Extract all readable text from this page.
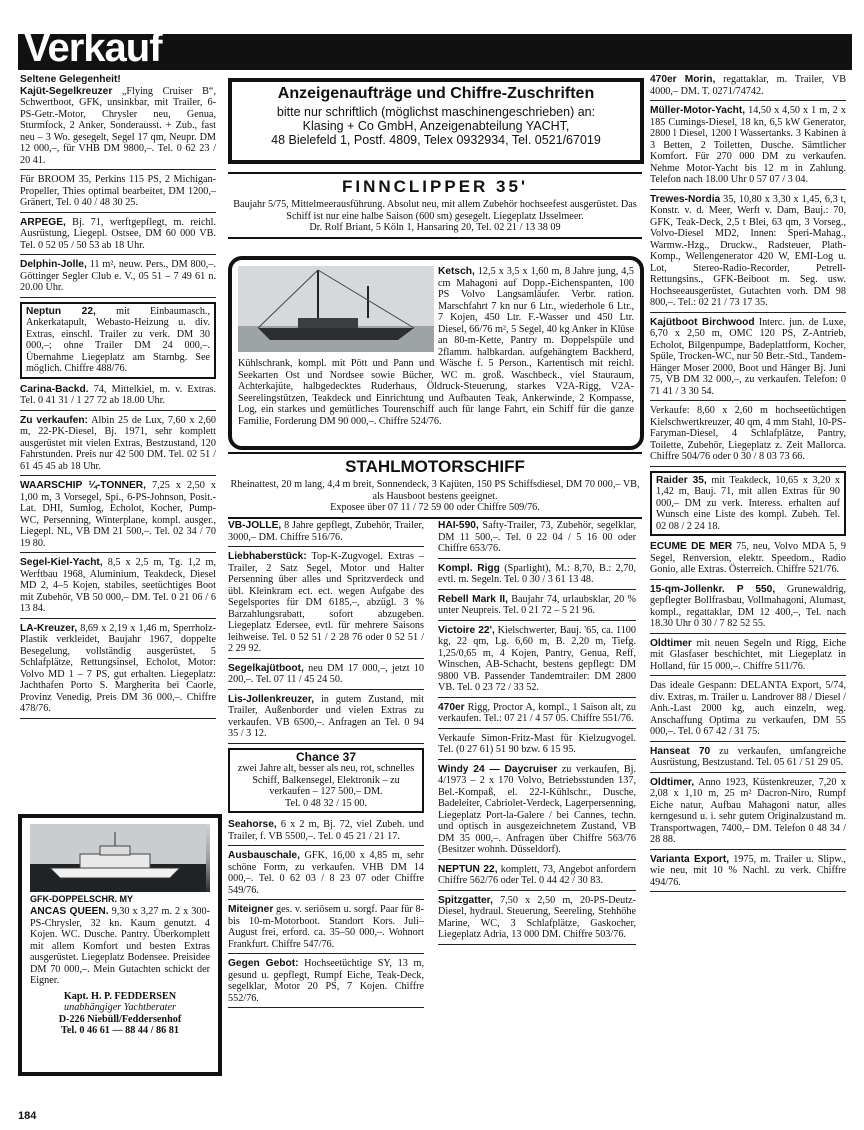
Verkauf
Seltene Gelegenheit!
Kajüt-Segelkreuzer „Flying Cruiser B“, Schwertboot, GFK, unsinkbar, mit Trailer, 6-PS-Getr.-Motor, Chrysler neu, Genua, Sturmfock, 2 Anker, Sonderausst. + Zub., fast neu – 3 Wo. gesegelt, Segel 17 qm, Neupr. DM 12 000,–, für VHB DM 9800,–. Tel. 0 62 23 / 20 41.
Für BROOM 35, Perkins 115 PS, 2 Michigan-Propeller, Thies optimal bearbeitet, DM 1200,– Gränert, Tel. 0 40 / 48 30 25.
ARPEGE, Bj. 71, werftgepflegt, m. reichl. Ausrüstung, Liegepl. Ostsee, DM 60 000 VB. Tel. 0 52 05 / 50 53 ab 18 Uhr.
Delphin-Jolle, 11 m², neuw. Pers., DM 800,–. Göttinger Segler Club e. V., 05 51 – 7 49 61 n. 20.00 Uhr.
Neptun 22, mit Einbaumasch., Ankerkatapult, Webasto-Heizung u. div. Extras, einschl. Trailer zu verk. DM 30 000,–; ohne Trailer DM 24 000,–. Übernahme Liegeplatz am Starnbg. See möglich. Chiffre 488/76.
Carina-Backd. 74, Mittelkiel, m. v. Extras. Tel. 0 41 31 / 1 27 72 ab 18.00 Uhr.
Zu verkaufen: Albin 25 de Lux, 7,60 x 2,60 m, 22-PK-Diesel, Bj. 1971, sehr komplett ausgerüstet mit vielen Extras, Bestzustand, 120 Fahrstunden. Preis nur 42 500 DM. Tel. 02 51 / 61 45 45 ab 18 Uhr.
WAARSCHIP ¼-TONNER, 7,25 x 2,50 x 1,00 m, 3 Vorsegel, Spi., 6-PS-Johnson, Posit.-Lat. DHI, Sumlog, Echolot, Kocher, Pump-WC, Persenning, Winterplane, kompl. ausger., Liegepl. NL, VB DM 21 500,–. Tel. 02 34 / 70 19 80.
Segel-Kiel-Yacht, 8,5 x 2,5 m, Tg. 1,2 m, Werftbau 1968, Aluminium, Teakdeck, Diesel MD 2, 4–5 Kojen, stabiles, seetüchtiges Boot mit Zubehör, VB 50 000,– DM. Tel. 0 21 06 / 6 13 84.
LA-Kreuzer, 8,69 x 2,19 x 1,46 m, Sperrholz-Plastik verkleidet, Baujahr 1967, doppelte Besegelung, vollständig ausgerüstet, 5 Schlafplätze, Rettungsinsel, Echolot, Motor: Volvo MD 1 – 7 PS, gut erhalten. Liegeplatz: Jachthafen Porto S. Margherita bei Caorle, Provinz Venedig, Preis DM 36 000,–. Chiffre 478/76.
GFK-DOPPELSCHR. MY
ANCAS QUEEN. 9,30 x 3,27 m. 2 x 300-PS-Chrysler, 32 kn. Kaum genutzt. 4 Kojen. WC. Dusche. Pantry. Überkomplett mit allem Komfort und besten Extras ausgerüstet. Liegeplatz Bodensee. Preisidee DM 70 000,–. Mein Gutachten schickt der Eigner.
Kapt. H. P. FEDDERSEN
unabhängiger Yachtberater
D-226 Niebüll/Feddersenhof
Tel. 0 46 61 — 88 44 / 86 81
Anzeigenaufträge und Chiffre-Zuschriften
bitte nur schriftlich (möglichst maschinengeschrieben) an:
Klasing + Co GmbH, Anzeigenabteilung YACHT,
48 Bielefeld 1, Postf. 4809, Telex 0932934, Tel. 0521/67019
FINNCLIPPER 35'
Baujahr 5/75, Mittelmeerausführung. Absolut neu, mit allem Zubehör hochseefest ausgerüstet. Das Schiff ist nur eine halbe Saison (600 sm) gesegelt. Liegeplatz IJsselmeer.
Dr. Rolf Briant, 5 Köln 1, Hansaring 20, Tel. 02 21 / 13 38 09
Ketsch, 12,5 x 3,5 x 1,60 m, 8 Jahre jung, 4,5 cm Mahagoni auf Dopp.-Eichenspanten, 100 PS Volvo Langsamläufer. Verbr. ration. Marschfahrt 7 kn nur 6 Ltr., wiederhole 6 Ltr., 7 Kojen, 450 Ltr. F.-Wasser und 450 Ltr. Diesel, 66/76 m², 5 Segel, 40 kg Anker in Klüse an 80-m-Kette, Pantry m. Doppelspüle und 2flamm. halbkardan. aufgehängtem Backherd, Kühlschrank, kompl. mit Pött und Pann und Wäsche f. 5 Person., Kartentisch mit reichl. Seekarten Ost und Nordsee sowie Bücher, WC m. groß. Waschbeck., viel Stauraum, Achterkajüte, halbgedecktes Ruderhaus, Öldruck-Steuerung, starkes V2A-Rigg, V2A-Seerelingstützen, Teakdeck und Einrichtung und Aufbauten Teak, Ankerwinde, 2 Kompasse, Log, ein starkes und gemütliches Tourenschiff auch für lange Fahrt, ein Schiff für die ganze Familie, Forderung DM 90 000,–. Chiffre 524/76.
STAHLMOTORSCHIFF
Rheinattest, 20 m lang, 4,4 m breit, Sonnendeck, 3 Kajüten, 150 PS Schiffsdiesel, DM 70 000,– VB, als Hausboot bestens geeignet.
Exposee über 07 11 / 72 59 00 oder Chiffre 509/76.
VB-JOLLE, 8 Jahre gepflegt, Zubehör, Trailer, 3000,– DM. Chiffre 516/76.
Liebhaberstück: Top-K-Zugvogel. Extras – Trailer, 2 Satz Segel, Motor und Halter Persenning über alles und Spritzverdeck und übl. Kleinkram ect. ect. wegen Aufgabe des Segelsportes für DM 6185,–, abzügl. 3 % Barzahlungsrabatt, sofort abzugeben. Liegeplatz Edersee, evtl. für mehrere Saisons leihweise. Tel. 0 52 51 / 2 28 76 oder 0 52 51 / 2 29 92.
Segelkajütboot, neu DM 17 000,–, jetzt 10 200,–. Tel. 07 11 / 45 24 50.
Lis-Jollenkreuzer, in gutem Zustand, mit Trailer, Außenborder und vielen Extras zu verkaufen. VB 6500,–. Anfragen an Tel. 0 94 35 / 3 12.
Chance 37
zwei Jahre alt, besser als neu, rot, schnelles Schiff, Balkensegel, Elektronik – zu verkaufen – 127 500,– DM.
Tel. 0 48 32 / 15 00.
Seahorse, 6 x 2 m, Bj. 72, viel Zubeh. und Trailer, f. VB 5500,–. Tel. 0 45 21 / 21 17.
Ausbauschale, GFK, 16,00 x 4,85 m, sehr schöne Form, zu verkaufen. VHB DM 14 000,–. Tel. 0 62 03 / 8 23 07 oder Chiffre 549/76.
Miteigner ges. v. seriösem u. sorgf. Paar für 8- bis 10-m-Motorboot. Standort Kors. Juli–August frei, erford. ca. 35–50 000,–. Wohnort Frankfurt. Chiffre 547/76.
Gegen Gebot: Hochseetüchtige SY, 13 m, gesund u. gepflegt, Rumpf Eiche, Teak-Deck, segelklar, Motor 20 PS, 7 Kojen. Chiffre 552/76.
HAI-590, Safty-Trailer, 73, Zubehör, segelklar, DM 11 500,–. Tel. 0 22 04 / 5 16 00 oder Chiffre 653/76.
Kompl. Rigg (Sparlight), M.: 8,70, B.: 2,70, evtl. m. Segeln. Tel. 0 30 / 3 61 13 48.
Rebell Mark II, Baujahr 74, urlaubsklar, 20 % unter Neupreis. Tel. 0 21 72 – 5 21 96.
Victoire 22', Kielschwerter, Bauj. '65, ca. 1100 kg, 22 qm, Lg. 6,60 m, B. 2,20 m, Tiefg. 1,25/0,65 m, 4 Kojen, Pantry, Genua, Reff, Winschen, AB-Schacht, bestens gepflegt: DM 9800 VB. Passender Tandemtrailer: DM 2800 VB. Tel. 0 23 72 / 33 52.
470er Rigg, Proctor A, kompl., 1 Saison alt, zu verkaufen. Tel.: 07 21 / 4 57 05. Chiffre 551/76.
Verkaufe Simon-Fritz-Mast für Kielzugvogel. Tel. (0 27 61) 51 90 bzw. 6 15 95.
Windy 24 — Daycruiser zu verkaufen, Bj. 4/1973 – 2 x 170 Volvo, Betriebsstunden 137, Bel.-Kompaß, el. 22-l-Kühlschr., Dusche, Badeleiter, Cabriolet-Verdeck, Lagerpersenning, Liegeplatz Port-la-Galere / bei Cannes, techn. und optisch in ausgezeichnetem Zustand, VB DM 35 000,–. Anfragen über Chiffre 563/76 (Besitzer wohnh. Düsseldorf).
NEPTUN 22, komplett, 73, Angebot anfordern Chiffre 562/76 oder Tel. 0 44 42 / 30 83.
Spitzgatter, 7,50 x 2,50 m, 20-PS-Deutz-Diesel, hydraul. Steuerung, Seereling, Stehhöhe Marine, WC, 3 Schlafplätze, Gaskocher, Liegeplatz Adria, 13 000 DM. Chiffre 503/76.
470er Morin, regattaklar, m. Trailer, VB 4000,– DM. T. 0271/74742.
Müller-Motor-Yacht, 14,50 x 4,50 x 1 m, 2 x 185 Cumings-Diesel, 18 kn, 6,5 kW Generator, 2800 l Diesel, 1200 l Wassertanks. 3 Kabinen à 3 Betten, 2 Toiletten, Dusche. Sämtlicher Komfort. Für 270 000 DM zu verkaufen. Nehme Motor-Yacht bis 12 m in Zahlung. Telefon nach 18.00 Uhr 0 57 07 / 3 04.
Trewes-Nordia 35, 10,80 x 3,30 x 1,45, 6,3 t, Konstr. v. d. Meer, Werft v. Dam, Bauj.: 70, GFK, Teak-Deck, 2,5 t Blei, 63 qm, 3 Vorseg., Volvo-Diesel MD2, Innen: Speri-Mahag., Warmw.-Hzg., Druckw., Radsteuer, Plath-Komp., Wellengenerator 420 W, EMI-Log u. Lot, Stereo-Radio-Recorder, Petrell-Rettungsins., GFK-Beiboot m. Seg. usw. Hochseeausgerüstet, Gutachten vorh. DM 98 800,–. Tel.: 02 21 / 73 17 35.
Kajütboot Birchwood Interc. jun. de Luxe, 6,70 x 2,50 m, OMC 120 PS, Z-Antrieb, Echolot, Bilgenpumpe, Badeplattform, Kocher, Spüle, Trocken-WC, nur 50 Betr.-Std., Tandem-Hänger Moser 2000, Boot und Hänger Bj. Juni 75, VB DM 32 000,–, zu verkaufen. Telefon: 0 71 41 / 3 30 54.
Verkaufe: 8,60 x 2,60 m hochseetüchtigen Kielschwertkreuzer, 40 qm, 4 mm Stahl, 10-PS-Faryman-Diesel, 4 Schlafplätze, Pantry, Toilette, Zubehör, Liegeplatz z. Zeit Mallorca. Chiffre 504/76 oder 0 30 / 8 03 73 66.
Raider 35, mit Teakdeck, 10,65 x 3,20 x 1,42 m, Bauj. 71, mit allen Extras für 90 000,– DM zu verk. Interess. erhalten auf Wunsch eine Liste des kompl. Zubeh. Tel. 02 08 / 2 24 18.
ECUME DE MER 75, neu, Volvo MDA 5, 9 Segel, Renversion, elektr. Speedom., Radio Gonio, alle Extras. Österreich. Chiffre 521/76.
15-qm-Jollenkr. P 550, Grunewaldrig, gepflegter Bollfrasbau, Vollmahagoni, Alumast, kompl., regattaklar, DM 12 400,–, Tel. nach 18.30 Uhr 0 30 / 7 82 52 55.
Oldtimer mit neuen Segeln und Rigg, Eiche mit Glasfaser beschichtet, mit Liegeplatz in Holland, für 15 000,–. Chiffre 511/76.
Das ideale Gespann: DELANTA Export, 5/74, div. Extras, m. Trailer u. Landrover 88 / Diesel / Anh.-Last 2000 kg, auch einzeln, weg. Anschaffung Optima zu verkaufen, DM 55 000,–. Tel. 0 67 42 / 31 75.
Hanseat 70 zu verkaufen, umfangreiche Ausrüstung, Bestzustand. Tel. 05 61 / 51 29 05.
Oldtimer, Anno 1923, Küstenkreuzer, 7,20 x 2,08 x 1,10 m, 25 m² Dacron-Niro, Rumpf Eiche natur, Aufbau Mahagoni natur, alles kerngesund u. i. sehr gutem Originalzustand m. Transportwagen, 7400,– DM. Telefon 0 48 34 / 28 88.
Varianta Export, 1975, m. Trailer u. Slipw., wie neu, mit 10 % Nachl. zu verk. Chiffre 494/76.
184
